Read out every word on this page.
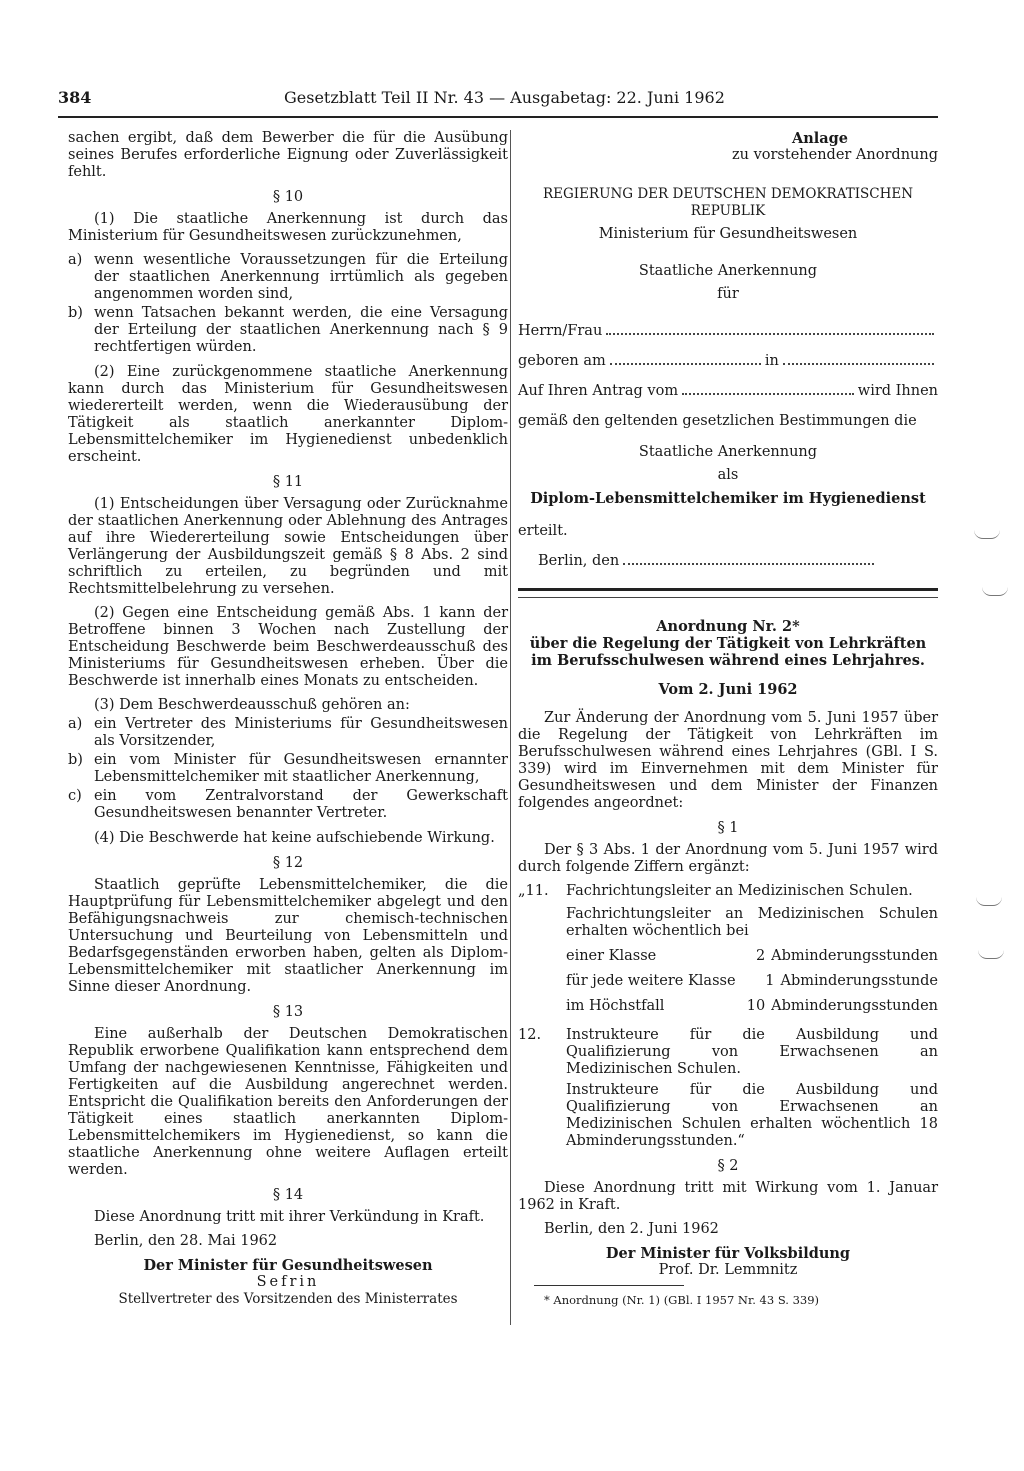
384	Gesetzblatt Teil II Nr. 43 — Ausgabetag: 22. Juni 1962

sachen ergibt, daß dem Bewerber die für die Ausübung seines Berufes erforderliche Eignung oder Zuverlässigkeit fehlt.

§ 10

(1) Die staatliche Anerkennung ist durch das Ministerium für Gesundheitswesen zurückzunehmen,

a) wenn wesentliche Voraussetzungen für die Erteilung der staatlichen Anerkennung irrtümlich als gegeben angenommen worden sind,
b) wenn Tatsachen bekannt werden, die eine Versagung der Erteilung der staatlichen Anerkennung nach § 9 rechtfertigen würden.

(2) Eine zurückgenommene staatliche Anerkennung kann durch das Ministerium für Gesundheitswesen wiedererteilt werden, wenn die Wiederausübung der Tätigkeit als staatlich anerkannter Diplom-Lebensmittelchemiker im Hygienedienst unbedenklich erscheint.

§ 11

(1) Entscheidungen über Versagung oder Zurücknahme der staatlichen Anerkennung oder Ablehnung des Antrages auf ihre Wiedererteilung sowie Entscheidungen über Verlängerung der Ausbildungszeit gemäß § 8 Abs. 2 sind schriftlich zu erteilen, zu begründen und mit Rechtsmittelbelehrung zu versehen.

(2) Gegen eine Entscheidung gemäß Abs. 1 kann der Betroffene binnen 3 Wochen nach Zustellung der Entscheidung Beschwerde beim Beschwerdeausschuß des Ministeriums für Gesundheitswesen erheben. Über die Beschwerde ist innerhalb eines Monats zu entscheiden.

(3) Dem Beschwerdeausschuß gehören an:

a) ein Vertreter des Ministeriums für Gesundheitswesen als Vorsitzender,
b) ein vom Minister für Gesundheitswesen ernannter Lebensmittelchemiker mit staatlicher Anerkennung,
c) ein vom Zentralvorstand der Gewerkschaft Gesundheitswesen benannter Vertreter.

(4) Die Beschwerde hat keine aufschiebende Wirkung.

§ 12

Staatlich geprüfte Lebensmittelchemiker, die die Hauptprüfung für Lebensmittelchemiker abgelegt und den Befähigungsnachweis zur chemisch-technischen Untersuchung und Beurteilung von Lebensmitteln und Bedarfsgegenständen erworben haben, gelten als Diplom-Lebensmittelchemiker mit staatlicher Anerkennung im Sinne dieser Anordnung.

§ 13

Eine außerhalb der Deutschen Demokratischen Republik erworbene Qualifikation kann entsprechend dem Umfang der nachgewiesenen Kenntnisse, Fähigkeiten und Fertigkeiten auf die Ausbildung angerechnet werden. Entspricht die Qualifikation bereits den Anforderungen der Tätigkeit eines staatlich anerkannten Diplom-Lebensmittelchemikers im Hygienedienst, so kann die staatliche Anerkennung ohne weitere Auflagen erteilt werden.

§ 14

Diese Anordnung tritt mit ihrer Verkündung in Kraft.

Berlin, den 28. Mai 1962

Der Minister für Gesundheitswesen
Sefrin
Stellvertreter des Vorsitzenden des Ministerrates
Anlage
zu vorstehender Anordnung
REGIERUNG DER DEUTSCHEN DEMOKRATISCHEN
REPUBLIK
Ministerium für Gesundheitswesen
Staatliche Anerkennung
für
Herrn/Frau
geboren am	in
Auf Ihren Antrag vom	wird Ihnen
gemäß den geltenden gesetzlichen Bestimmungen die
Staatliche Anerkennung
als
Diplom-Lebensmittelchemiker im Hygienedienst
erteilt.
Berlin, den
Anordnung Nr. 2*
über die Regelung der Tätigkeit von Lehrkräften
im Berufsschulwesen während eines Lehrjahres.
Vom 2. Juni 1962

Zur Änderung der Anordnung vom 5. Juni 1957 über die Regelung der Tätigkeit von Lehrkräften im Berufsschulwesen während eines Lehrjahres (GBl. I S. 339) wird im Einvernehmen mit dem Minister für Gesundheitswesen und dem Minister der Finanzen folgendes angeordnet:

§ 1

Der § 3 Abs. 1 der Anordnung vom 5. Juni 1957 wird durch folgende Ziffern ergänzt:

„11.	Fachrichtungsleiter an Medizinischen Schulen.

Fachrichtungsleiter an Medizinischen Schulen erhalten wöchentlich bei

einer Klasse	2 Abminderungsstunden
für jede weitere Klasse	1 Abminderungsstunde
im Höchstfall	10 Abminderungsstunden
12.	Instrukteure für die Ausbildung und Qualifizierung von Erwachsenen an Medizinischen Schulen.

Instrukteure für die Ausbildung und Qualifizierung von Erwachsenen an Medizinischen Schulen erhalten wöchentlich 18 Abminderungsstunden.“

§ 2

Diese Anordnung tritt mit Wirkung vom 1. Januar 1962 in Kraft.

Berlin, den 2. Juni 1962

Der Minister für Volksbildung
Prof. Dr. Lemmnitz
* Anordnung (Nr. 1) (GBl. I 1957 Nr. 43 S. 339)
